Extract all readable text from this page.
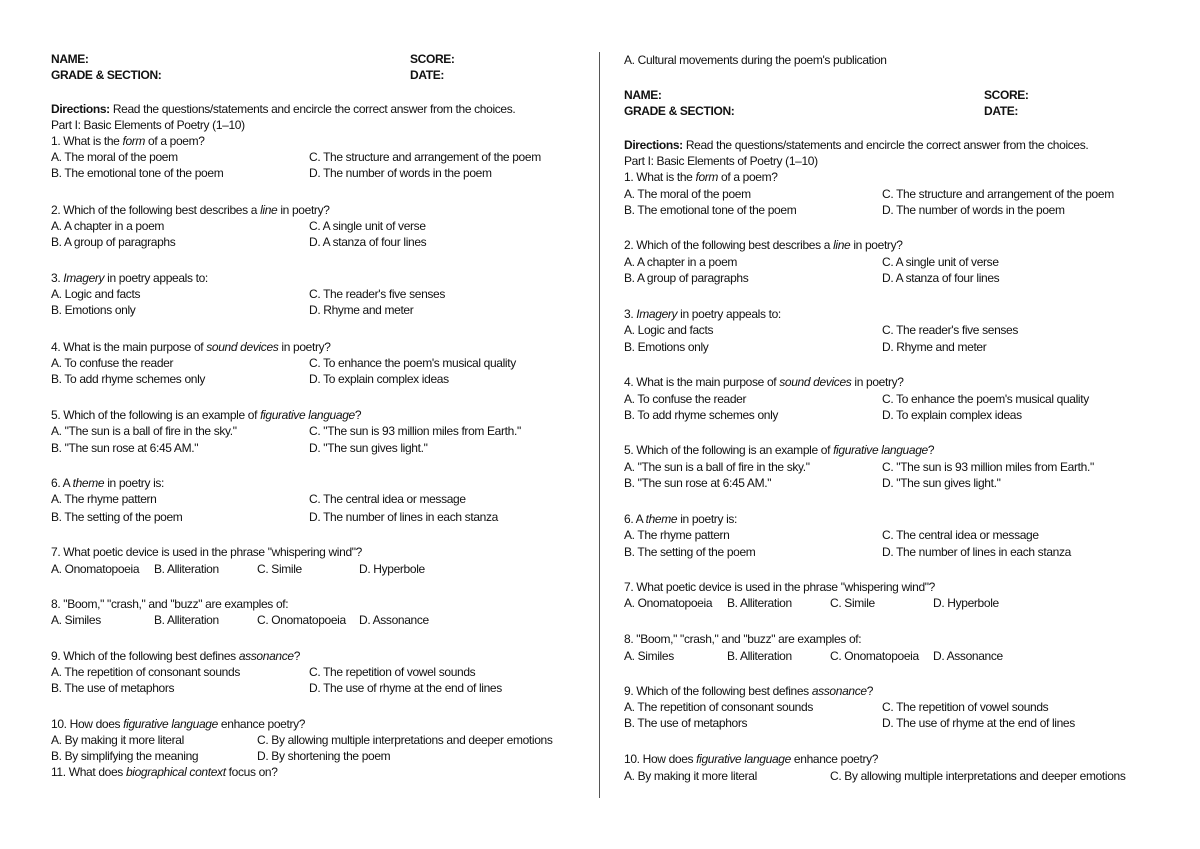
NAME:	SCORE:
GRADE & SECTION:	DATE:
Directions: Read the questions/statements and encircle the correct answer from the choices.
Part I: Basic Elements of Poetry (1–10)
1. What is the form of a poem?
A. The moral of the poem	C. The structure and arrangement of the poem
B. The emotional tone of the poem	D. The number of words in the poem
2. Which of the following best describes a line in poetry?
A. A chapter in a poem	C. A single unit of verse
B. A group of paragraphs	D. A stanza of four lines
3. Imagery in poetry appeals to:
A. Logic and facts	C. The reader's five senses
B. Emotions only	D. Rhyme and meter
4. What is the main purpose of sound devices in poetry?
A. To confuse the reader	C. To enhance the poem's musical quality
B. To add rhyme schemes only	D. To explain complex ideas
5. Which of the following is an example of figurative language?
A. "The sun is a ball of fire in the sky."	C. "The sun is 93 million miles from Earth."
B. "The sun rose at 6:45 AM."	D. "The sun gives light."
6. A theme in poetry is:
A. The rhyme pattern	C. The central idea or message
B. The setting of the poem	D. The number of lines in each stanza
7. What poetic device is used in the phrase "whispering wind"?
A. Onomatopoeia B. Alliteration	C. Simile	D. Hyperbole
8. "Boom," "crash," and "buzz" are examples of:
A. Similes	B. Alliteration	C. Onomatopoeia D. Assonance
9. Which of the following best defines assonance?
A. The repetition of consonant sounds	C. The repetition of vowel sounds
B. The use of metaphors	D. The use of rhyme at the end of lines
10. How does figurative language enhance poetry?
A. By making it more literal	C. By allowing multiple interpretations and deeper emotions
B. By simplifying the meaning	D. By shortening the poem
11. What does biographical context focus on?
A. Cultural movements during the poem's publication
NAME:	SCORE:
GRADE & SECTION:	DATE:
Directions: Read the questions/statements and encircle the correct answer from the choices.
Part I: Basic Elements of Poetry (1–10)
1. What is the form of a poem?
A. The moral of the poem	C. The structure and arrangement of the poem
B. The emotional tone of the poem	D. The number of words in the poem
2. Which of the following best describes a line in poetry?
A. A chapter in a poem	C. A single unit of verse
B. A group of paragraphs	D. A stanza of four lines
3. Imagery in poetry appeals to:
A. Logic and facts	C. The reader's five senses
B. Emotions only	D. Rhyme and meter
4. What is the main purpose of sound devices in poetry?
A. To confuse the reader	C. To enhance the poem's musical quality
B. To add rhyme schemes only	D. To explain complex ideas
5. Which of the following is an example of figurative language?
A. "The sun is a ball of fire in the sky."	C. "The sun is 93 million miles from Earth."
B. "The sun rose at 6:45 AM."	D. "The sun gives light."
6. A theme in poetry is:
A. The rhyme pattern	C. The central idea or message
B. The setting of the poem	D. The number of lines in each stanza
7. What poetic device is used in the phrase "whispering wind"?
A. Onomatopoeia B. Alliteration	C. Simile	D. Hyperbole
8. "Boom," "crash," and "buzz" are examples of:
A. Similes	B. Alliteration	C. Onomatopoeia D. Assonance
9. Which of the following best defines assonance?
A. The repetition of consonant sounds	C. The repetition of vowel sounds
B. The use of metaphors	D. The use of rhyme at the end of lines
10. How does figurative language enhance poetry?
A. By making it more literal	C. By allowing multiple interpretations and deeper emotions
